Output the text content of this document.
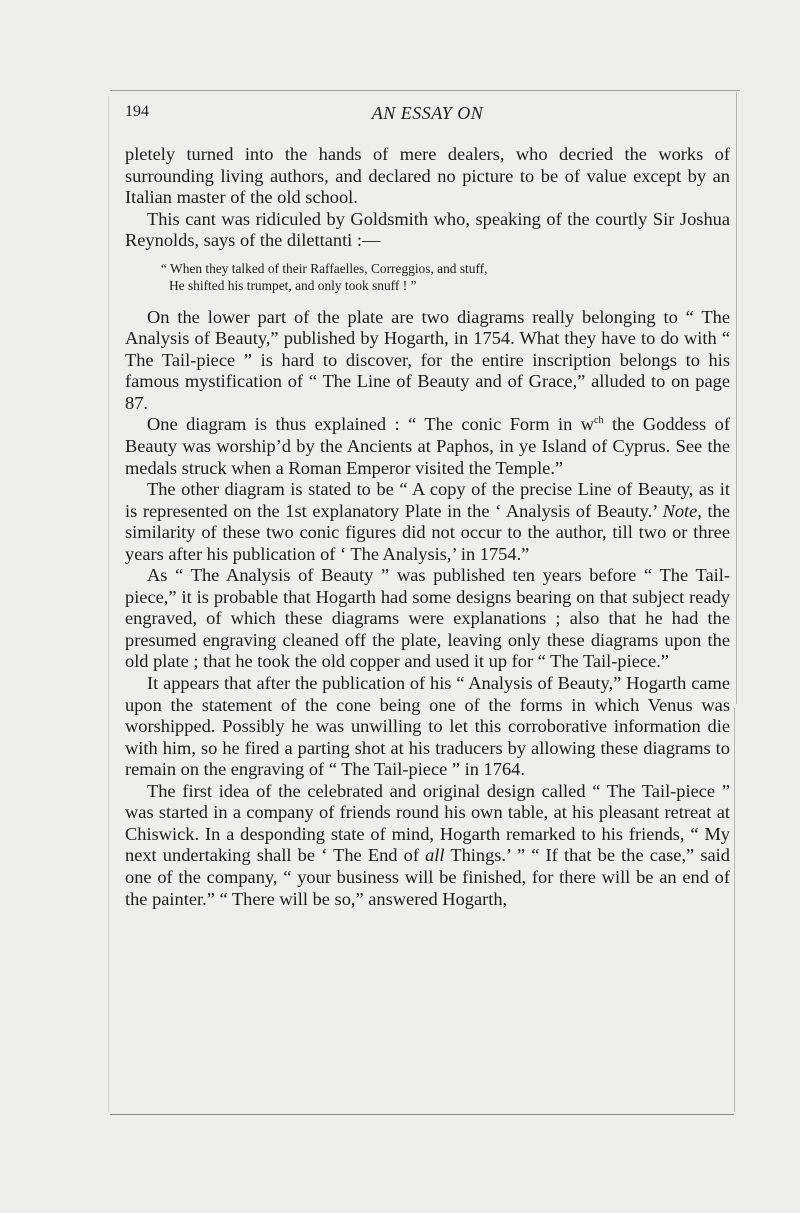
194	AN ESSAY ON

pletely turned into the hands of mere dealers, who decried the works of surrounding living authors, and declared no picture to be of value except by an Italian master of the old school.

This cant was ridiculed by Goldsmith who, speaking of the courtly Sir Joshua Reynolds, says of the dilettanti :—

“ When they talked of their Raffaelles, Correggios, and stuff,
He shifted his trumpet, and only took snuff ! ”

On the lower part of the plate are two diagrams really belonging to “ The Analysis of Beauty,” published by Hogarth, in 1754. What they have to do with “ The Tail-piece ” is hard to discover, for the entire inscription belongs to his famous mystification of “ The Line of Beauty and of Grace,” alluded to on page 87.

One diagram is thus explained : “ The conic Form in $w^{ch}$ the Goddess of Beauty was worship’d by the Ancients at Paphos, in ye Island of Cyprus. See the medals struck when a Roman Emperor visited the Temple.”

The other diagram is stated to be “ A copy of the precise Line of Beauty, as it is represented on the 1st explanatory Plate in the ‘ Analysis of Beauty.’ Note, the similarity of these two conic figures did not occur to the author, till two or three years after his publication of ‘ The Analysis,’ in 1754.”

As “ The Analysis of Beauty ” was published ten years before “ The Tail-piece,” it is probable that Hogarth had some designs bearing on that subject ready engraved, of which these diagrams were explanations ; also that he had the presumed engraving cleaned off the plate, leaving only these diagrams upon the old plate ; that he took the old copper and used it up for “ The Tail-piece.”

It appears that after the publication of his “ Analysis of Beauty,” Hogarth came upon the statement of the cone being one of the forms in which Venus was worshipped. Possibly he was unwilling to let this corroborative information die with him, so he fired a parting shot at his traducers by allowing these diagrams to remain on the engraving of “ The Tail-piece ” in 1764.

The first idea of the celebrated and original design called “ The Tail-piece ” was started in a company of friends round his own table, at his pleasant retreat at Chiswick. In a desponding state of mind, Hogarth remarked to his friends, “ My next undertaking shall be ‘ The End of all Things.’ ” “ If that be the case,” said one of the company, “ your business will be finished, for there will be an end of the painter.” “ There will be so,” answered Hogarth,
